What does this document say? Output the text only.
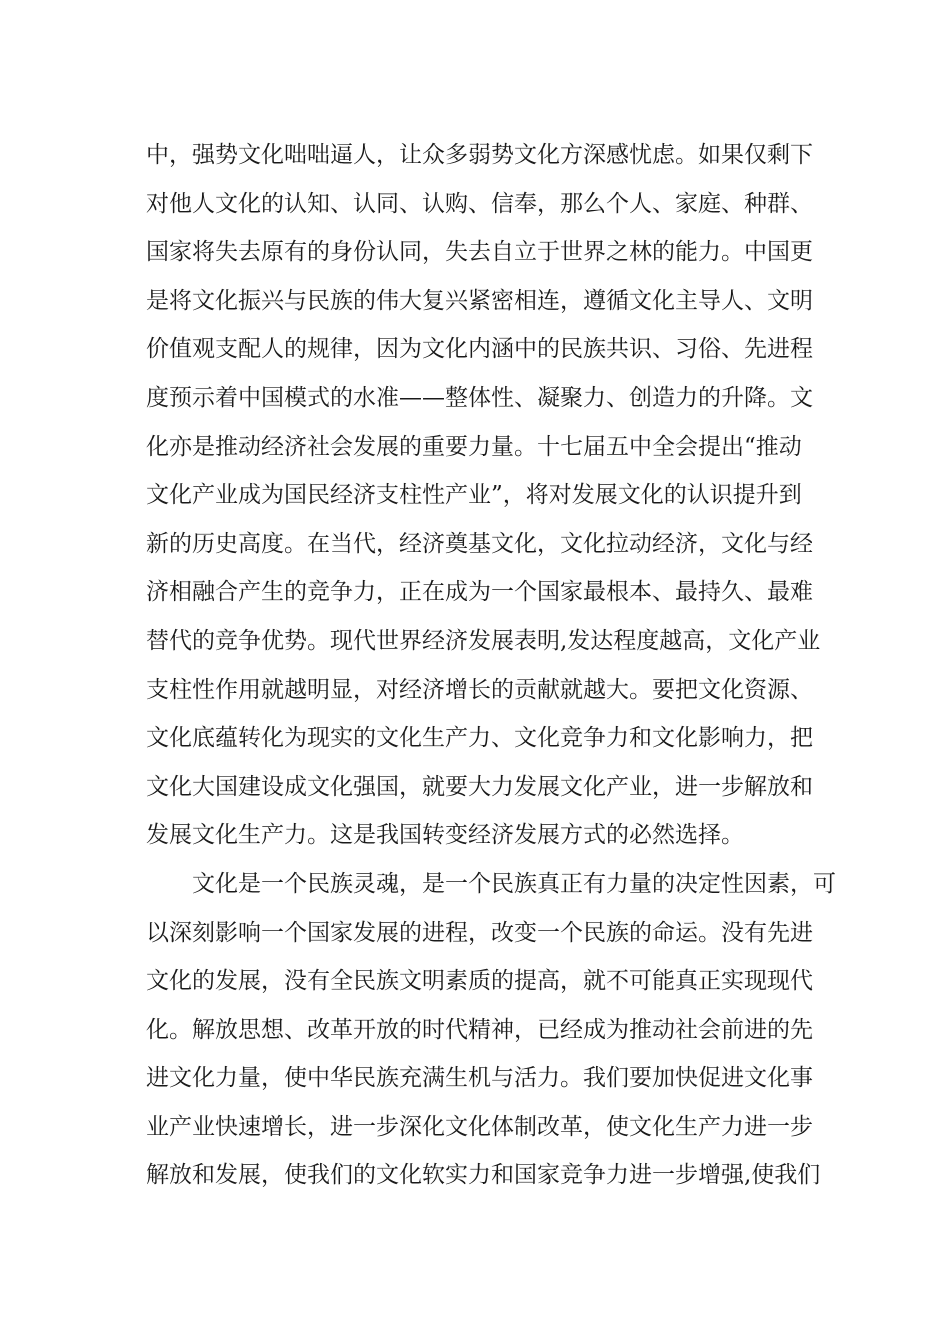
中，强势文化咄咄逼人，让众多弱势文化方深感忧虑。如果仅剩下
对他人文化的认知、认同、认购、信奉，那么个人、家庭、种群、
国家将失去原有的身份认同，失去自立于世界之林的能力。中国更
是将文化振兴与民族的伟大复兴紧密相连，遵循文化主导人、文明
价值观支配人的规律，因为文化内涵中的民族共识、习俗、先进程
度预示着中国模式的水准——整体性、凝聚力、创造力的升降。文
化亦是推动经济社会发展的重要力量。十七届五中全会提出“推动
文化产业成为国民经济支柱性产业”，将对发展文化的认识提升到
新的历史高度。在当代，经济奠基文化，文化拉动经济，文化与经
济相融合产生的竞争力，正在成为一个国家最根本、最持久、最难
替代的竞争优势。现代世界经济发展表明,发达程度越高，文化产业
支柱性作用就越明显，对经济增长的贡献就越大。要把文化资源、
文化底蕴转化为现实的文化生产力、文化竞争力和文化影响力，把
文化大国建设成文化强国，就要大力发展文化产业，进一步解放和
发展文化生产力。这是我国转变经济发展方式的必然选择。
文化是一个民族灵魂，是一个民族真正有力量的决定性因素，可
以深刻影响一个国家发展的进程，改变一个民族的命运。没有先进
文化的发展，没有全民族文明素质的提高，就不可能真正实现现代
化。解放思想、改革开放的时代精神，已经成为推动社会前进的先
进文化力量，使中华民族充满生机与活力。我们要加快促进文化事
业产业快速增长，进一步深化文化体制改革，使文化生产力进一步
解放和发展，使我们的文化软实力和国家竞争力进一步增强,使我们
